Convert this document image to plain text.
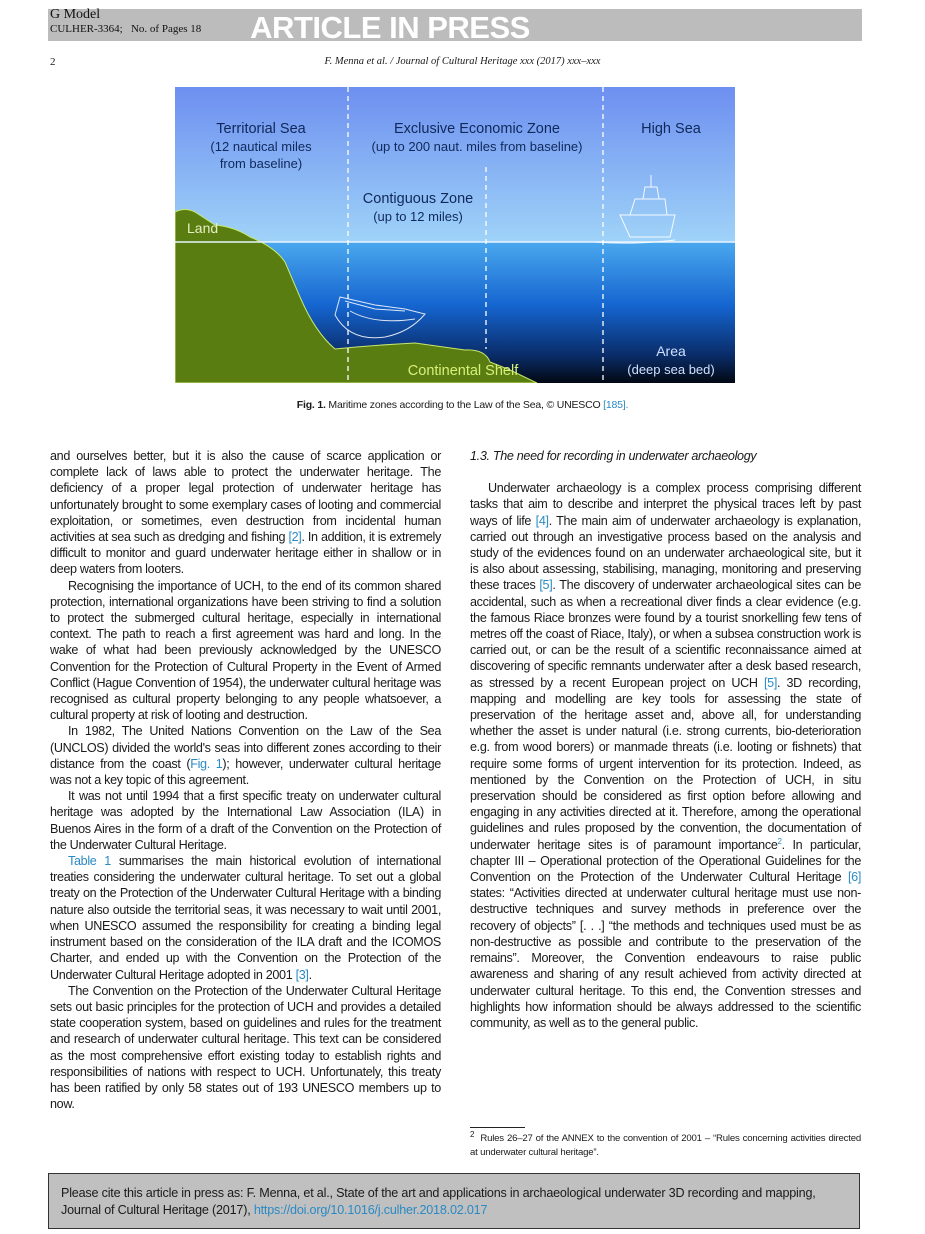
ARTICLE IN PRESS
G Model
CULHER-3364;   No. of Pages 18
2	F. Menna et al. / Journal of Cultural Heritage xxx (2017) xxx–xxx
Territorial Sea
(12 nautical miles
from baseline)
Exclusive Economic Zone
(up to 200 naut. miles from baseline)
High Sea
Contiguous Zone
(up to 12 miles)
Land
Continental Shelf
Area
(deep sea bed)
Fig. 1. Maritime zones according to the Law of the Sea, © UNESCO [185].

and ourselves better, but it is also the cause of scarce application or complete lack of laws able to protect the underwater heritage. The deficiency of a proper legal protection of underwater heritage has unfortunately brought to some exemplary cases of looting and commercial exploitation, or sometimes, even destruction from incidental human activities at sea such as dredging and fishing [2]. In addition, it is extremely difficult to monitor and guard underwater heritage either in shallow or in deep waters from looters.

Recognising the importance of UCH, to the end of its common shared protection, international organizations have been striving to find a solution to protect the submerged cultural heritage, especially in international context. The path to reach a first agreement was hard and long. In the wake of what had been previously acknowledged by the UNESCO Convention for the Protection of Cultural Property in the Event of Armed Conflict (Hague Convention of 1954), the underwater cultural heritage was recognised as cultural property belonging to any people whatsoever, a cultural property at risk of looting and destruction.

In 1982, The United Nations Convention on the Law of the Sea (UNCLOS) divided the world's seas into different zones according to their distance from the coast (Fig. 1); however, underwater cultural heritage was not a key topic of this agreement.

It was not until 1994 that a first specific treaty on underwater cultural heritage was adopted by the International Law Association (ILA) in Buenos Aires in the form of a draft of the Convention on the Protection of the Underwater Cultural Heritage.

Table 1 summarises the main historical evolution of international treaties considering the underwater cultural heritage. To set out a global treaty on the Protection of the Underwater Cultural Heritage with a binding nature also outside the territorial seas, it was necessary to wait until 2001, when UNESCO assumed the responsibility for creating a binding legal instrument based on the consideration of the ILA draft and the ICOMOS Charter, and ended up with the Convention on the Protection of the Underwater Cultural Heritage adopted in 2001 [3].

The Convention on the Protection of the Underwater Cultural Heritage sets out basic principles for the protection of UCH and provides a detailed state cooperation system, based on guidelines and rules for the treatment and research of underwater cultural heritage. This text can be considered as the most comprehensive effort existing today to establish rights and responsibilities of nations with respect to UCH. Unfortunately, this treaty has been ratified by only 58 states out of 193 UNESCO members up to now.

1.3. The need for recording in underwater archaeology

Underwater archaeology is a complex process comprising different tasks that aim to describe and interpret the physical traces left by past ways of life [4]. The main aim of underwater archaeology is explanation, carried out through an investigative process based on the analysis and study of the evidences found on an underwater archaeological site, but it is also about assessing, stabilising, managing, monitoring and preserving these traces [5]. The discovery of underwater archaeological sites can be accidental, such as when a recreational diver finds a clear evidence (e.g. the famous Riace bronzes were found by a tourist snorkelling few tens of metres off the coast of Riace, Italy), or when a subsea construction work is carried out, or can be the result of a scientific reconnaissance aimed at discovering of specific remnants underwater after a desk based research, as stressed by a recent European project on UCH [5]. 3D recording, mapping and modelling are key tools for assessing the state of preservation of the heritage asset and, above all, for understanding whether the asset is under natural (i.e. strong currents, bio-deterioration e.g. from wood borers) or manmade threats (i.e. looting or fishnets) that require some forms of urgent intervention for its protection. Indeed, as mentioned by the Convention on the Protection of UCH, in situ preservation should be considered as first option before allowing and engaging in any activities directed at it. Therefore, among the operational guidelines and rules proposed by the convention, the documentation of underwater heritage sites is of paramount importance$^2$. In particular, chapter III – Operational protection of the Operational Guidelines for the Convention on the Protection of the Underwater Cultural Heritage [6] states: “Activities directed at underwater cultural heritage must use non-destructive techniques and survey methods in preference over the recovery of objects” [. . .] “the methods and techniques used must be as non-destructive as possible and contribute to the preservation of the remains”. Moreover, the Convention endeavours to raise public awareness and sharing of any result achieved from activity directed at underwater cultural heritage. To this end, the Convention stresses and highlights how information should be always addressed to the scientific community, as well as to the general public.

$^2$ Rules 26–27 of the ANNEX to the convention of 2001 – “Rules concerning activities directed at underwater cultural heritage”.
Please cite this article in press as: F. Menna, et al., State of the art and applications in archaeological underwater 3D recording and mapping, Journal of Cultural Heritage (2017), https://doi.org/10.1016/j.culher.2018.02.017
